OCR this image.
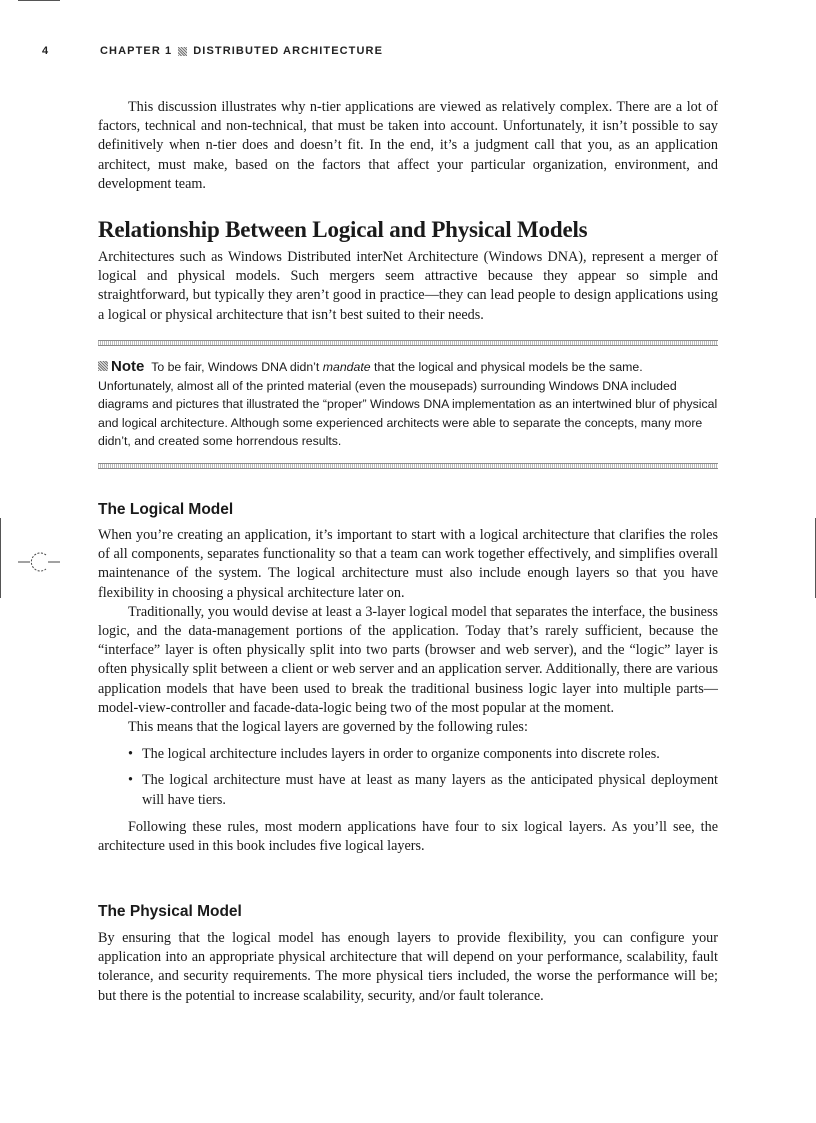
4	CHAPTER 1 DISTRIBUTED ARCHITECTURE

This discussion illustrates why n-tier applications are viewed as relatively complex. There are a lot of factors, technical and non-technical, that must be taken into account. Unfortunately, it isn’t possible to say definitively when n-tier does and doesn’t fit. In the end, it’s a judgment call that you, as an application architect, must make, based on the factors that affect your particular organization, environment, and development team.

Relationship Between Logical and Physical Models

Architectures such as Windows Distributed interNet Architecture (Windows DNA), represent a merger of logical and physical models. Such mergers seem attractive because they appear so simple and straightforward, but typically they aren’t good in practice—they can lead people to design applications using a logical or physical architecture that isn’t best suited to their needs.

Note To be fair, Windows DNA didn’t mandate that the logical and physical models be the same. Unfortunately, almost all of the printed material (even the mousepads) surrounding Windows DNA included diagrams and pictures that illustrated the “proper” Windows DNA implementation as an intertwined blur of physical and logical architecture. Although some experienced architects were able to separate the concepts, many more didn’t, and created some horrendous results.

The Logical Model

When you’re creating an application, it’s important to start with a logical architecture that clarifies the roles of all components, separates functionality so that a team can work together effectively, and simplifies overall maintenance of the system. The logical architecture must also include enough layers so that you have flexibility in choosing a physical architecture later on.

Traditionally, you would devise at least a 3-layer logical model that separates the interface, the business logic, and the data-management portions of the application. Today that’s rarely sufficient, because the “interface” layer is often physically split into two parts (browser and web server), and the “logic” layer is often physically split between a client or web server and an application server. Additionally, there are various application models that have been used to break the traditional business logic layer into multiple parts—model-view-controller and facade-data-logic being two of the most popular at the moment.

This means that the logical layers are governed by the following rules:

• The logical architecture includes layers in order to organize components into discrete roles.
• The logical architecture must have at least as many layers as the anticipated physical deployment will have tiers.

Following these rules, most modern applications have four to six logical layers. As you’ll see, the architecture used in this book includes five logical layers.

The Physical Model

By ensuring that the logical model has enough layers to provide flexibility, you can configure your application into an appropriate physical architecture that will depend on your performance, scalability, fault tolerance, and security requirements. The more physical tiers included, the worse the performance will be; but there is the potential to increase scalability, security, and/or fault tolerance.
